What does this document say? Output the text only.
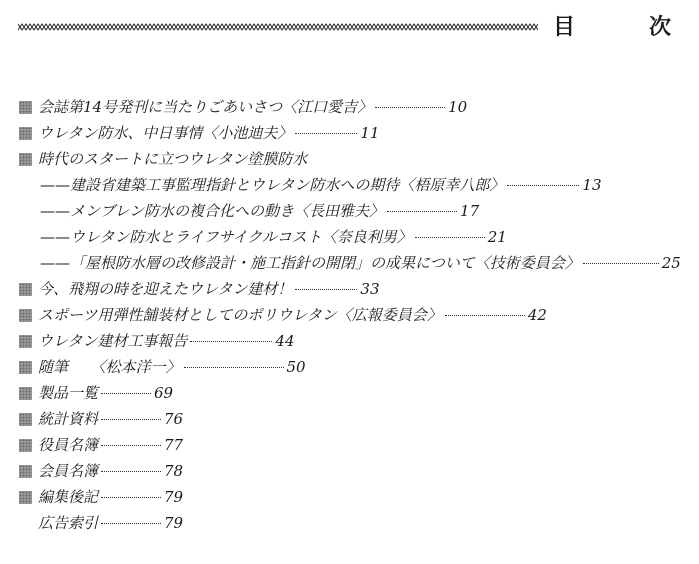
目　次
会誌第14号発刊に当たりごあいさつ〈江口愛吉〉	10
ウレタン防水、中日事情〈小池迪夫〉	11
時代のスタートに立つウレタン塗膜防水
——建設省建築工事監理指針とウレタン防水への期待〈梧原幸八郎〉	13
——メンブレン防水の複合化への動き〈長田雅夫〉	17
——ウレタン防水とライフサイクルコスト〈奈良利男〉	21
——「屋根防水層の改修設計・施工指針の開閉」の成果について〈技術委員会〉	25
今、飛翔の時を迎えたウレタン建材！	33
スポーツ用弾性舗装材としてのポリウレタン〈広報委員会〉	42
ウレタン建材工事報告	44
随筆　　〈松本洋一〉	50
製品一覧	69
統計資料	76
役員名簿	77
会員名簿	78
編集後記	79
広告索引	79
